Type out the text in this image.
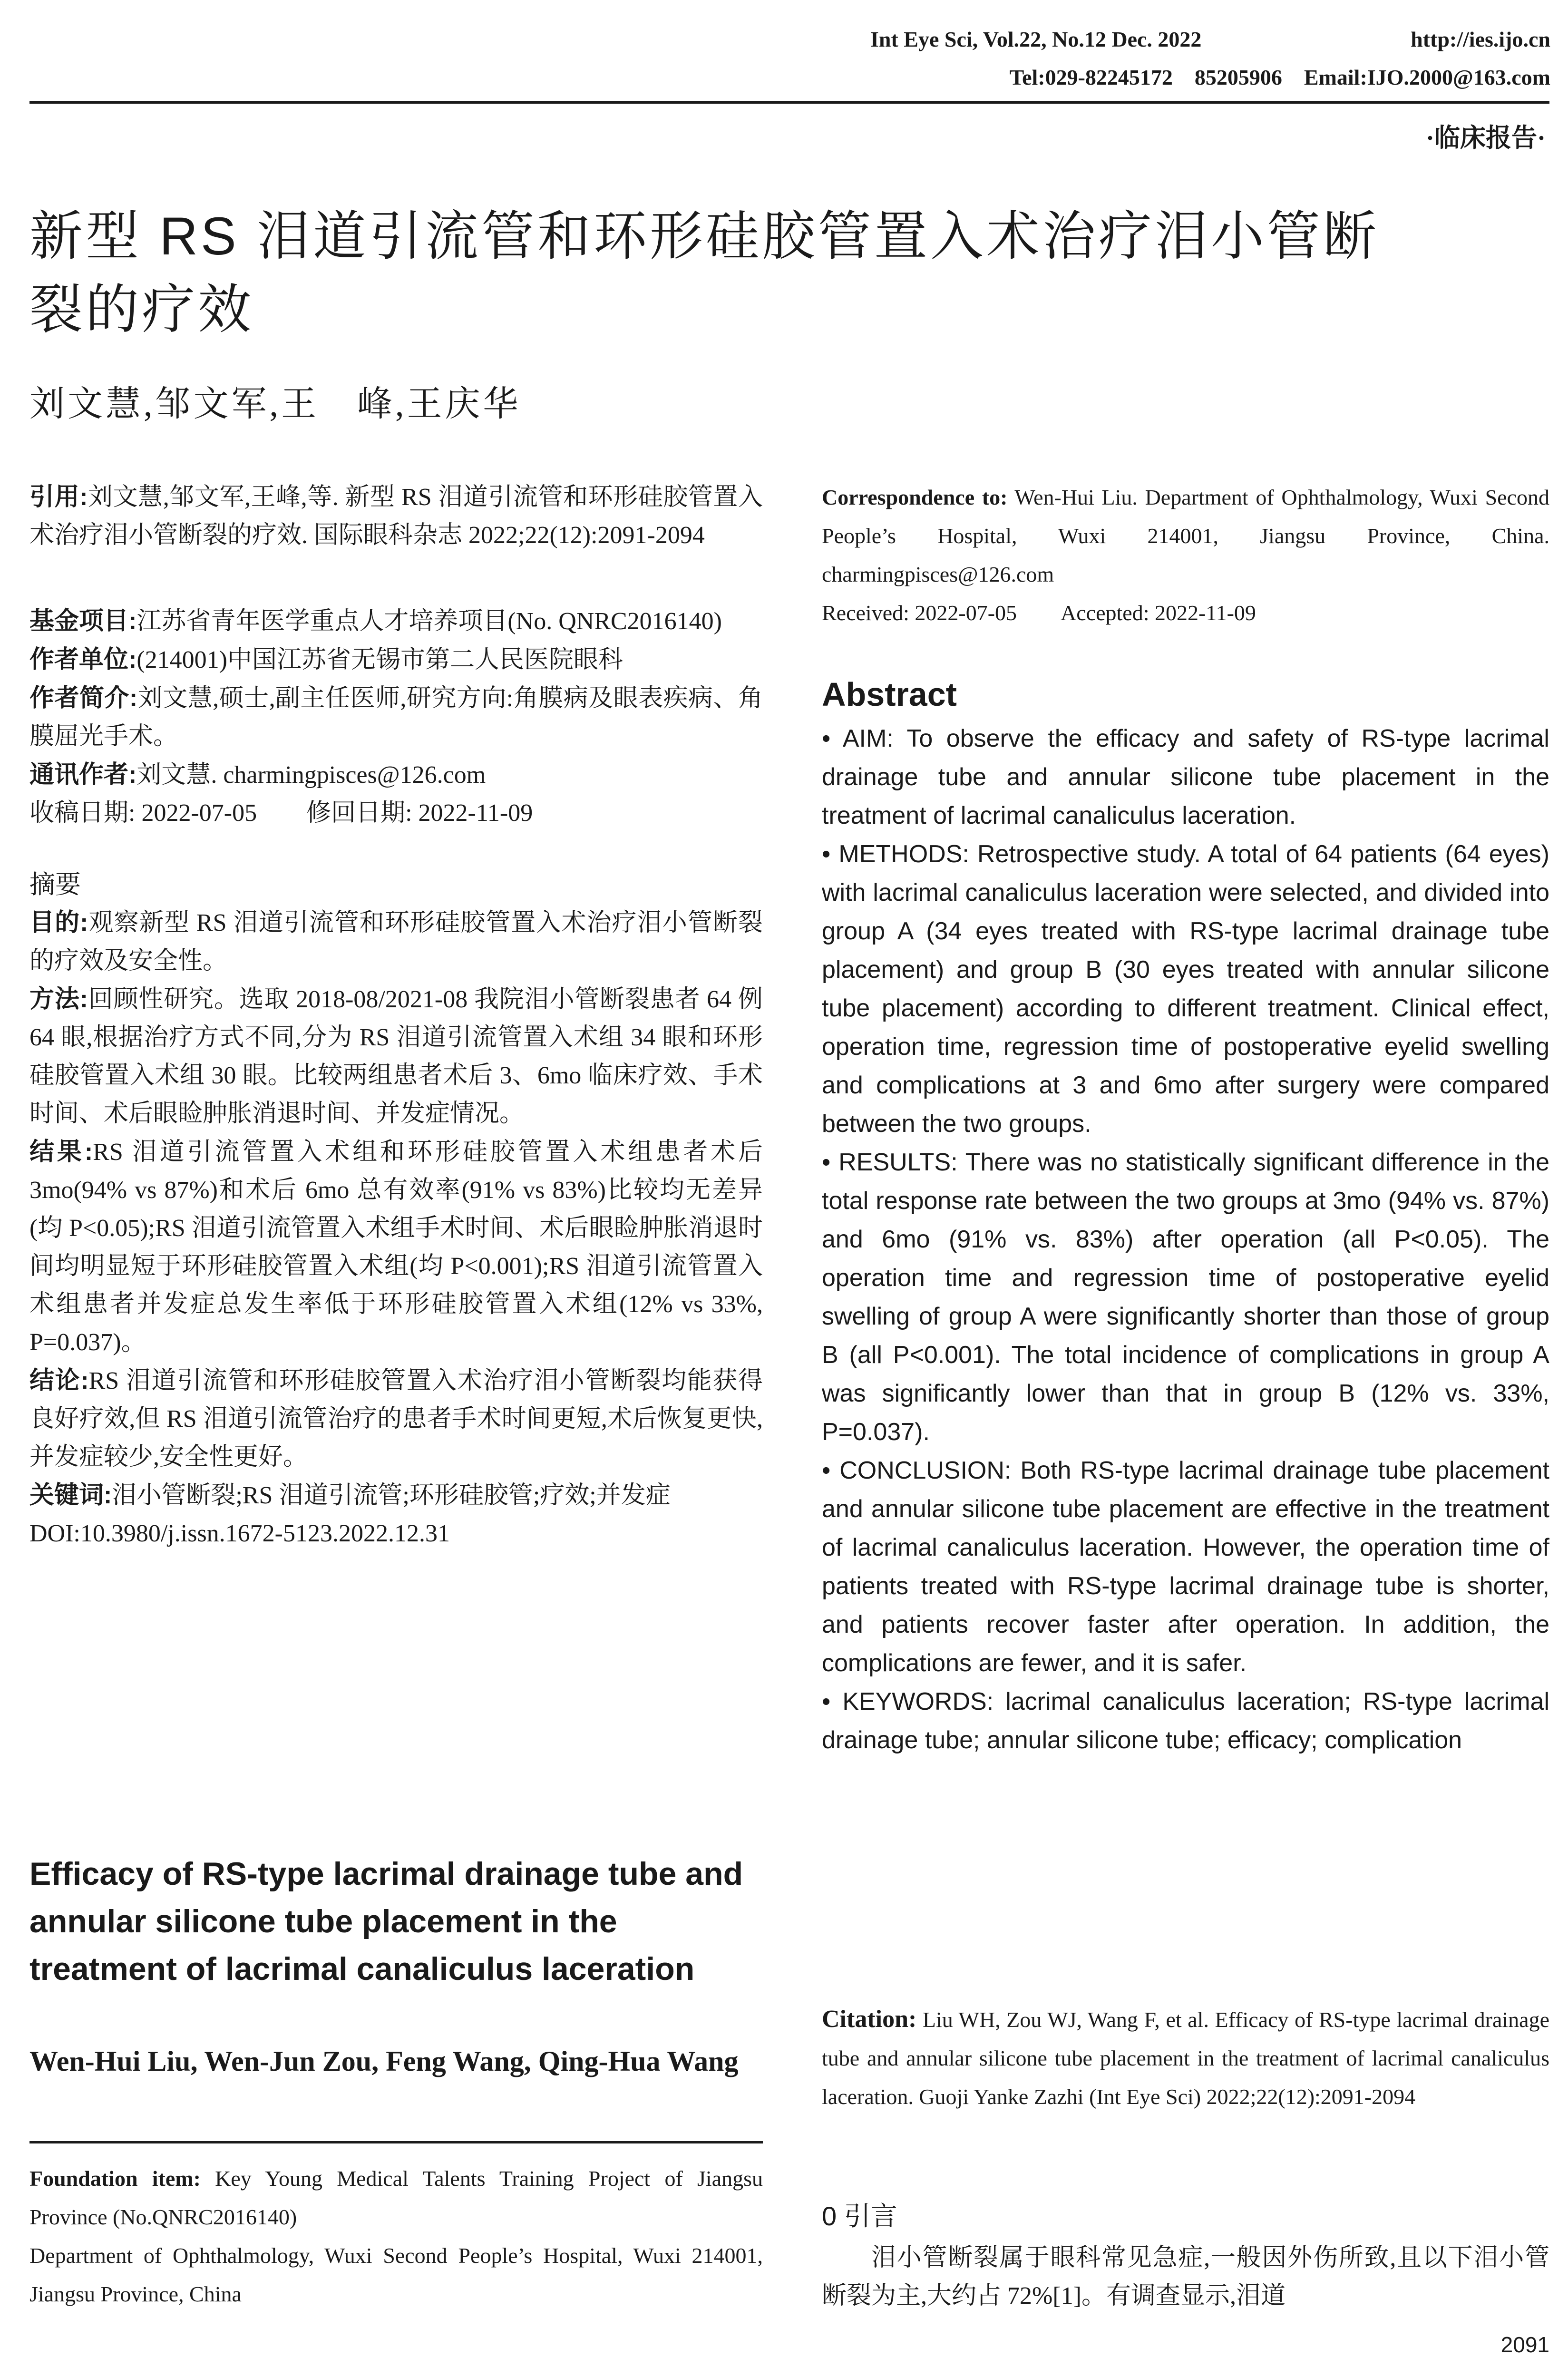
Int Eye Sci, Vol.22, No.12 Dec. 2022	http://ies.ijo.cn
Tel:029-82245172    85205906    Email:IJO.2000@163.com
·临床报告·
新型 RS 泪道引流管和环形硅胶管置入术治疗泪小管断
裂的疗效
刘文慧,邹文军,王　峰,王庆华

引用:刘文慧,邹文军,王峰,等. 新型 RS 泪道引流管和环形硅胶管置入术治疗泪小管断裂的疗效. 国际眼科杂志 2022;22(12):2091-2094

基金项目:江苏省青年医学重点人才培养项目(No. QNRC2016140)

作者单位:(214001)中国江苏省无锡市第二人民医院眼科

作者简介:刘文慧,硕士,副主任医师,研究方向:角膜病及眼表疾病、角膜屈光手术。

通讯作者:刘文慧. charmingpisces@126.com

收稿日期: 2022-07-05　　修回日期: 2022-11-09

摘要

目的:观察新型 RS 泪道引流管和环形硅胶管置入术治疗泪小管断裂的疗效及安全性。

方法:回顾性研究。选取 2018-08/2021-08 我院泪小管断裂患者 64 例 64 眼,根据治疗方式不同,分为 RS 泪道引流管置入术组 34 眼和环形硅胶管置入术组 30 眼。比较两组患者术后 3、6mo 临床疗效、手术时间、术后眼睑肿胀消退时间、并发症情况。

结果:RS 泪道引流管置入术组和环形硅胶管置入术组患者术后 3mo(94% vs 87%)和术后 6mo 总有效率(91% vs 83%)比较均无差异(均 P<0.05);RS 泪道引流管置入术组手术时间、术后眼睑肿胀消退时间均明显短于环形硅胶管置入术组(均 P<0.001);RS 泪道引流管置入术组患者并发症总发生率低于环形硅胶管置入术组(12% vs 33%, P=0.037)。

结论:RS 泪道引流管和环形硅胶管置入术治疗泪小管断裂均能获得良好疗效,但 RS 泪道引流管治疗的患者手术时间更短,术后恢复更快,并发症较少,安全性更好。

关键词:泪小管断裂;RS 泪道引流管;环形硅胶管;疗效;并发症

DOI:10.3980/j.issn.1672-5123.2022.12.31

Efficacy of RS-type lacrimal drainage tube and annular silicone tube placement in the treatment of lacrimal canaliculus laceration
Wen-Hui Liu, Wen-Jun Zou, Feng Wang, Qing-Hua Wang

Foundation item: Key Young Medical Talents Training Project of Jiangsu Province (No.QNRC2016140)

Department of Ophthalmology, Wuxi Second People’s Hospital, Wuxi 214001, Jiangsu Province, China

Correspondence to: Wen-Hui Liu. Department of Ophthalmology, Wuxi Second People’s Hospital, Wuxi 214001, Jiangsu Province, China. charmingpisces@126.com

Received: 2022-07-05　　Accepted: 2022-11-09

Abstract

• AIM: To observe the efficacy and safety of RS-type lacrimal drainage tube and annular silicone tube placement in the treatment of lacrimal canaliculus laceration.

• METHODS: Retrospective study. A total of 64 patients (64 eyes) with lacrimal canaliculus laceration were selected, and divided into group A (34 eyes treated with RS-type lacrimal drainage tube placement) and group B (30 eyes treated with annular silicone tube placement) according to different treatment. Clinical effect, operation time, regression time of postoperative eyelid swelling and complications at 3 and 6mo after surgery were compared between the two groups.

• RESULTS: There was no statistically significant difference in the total response rate between the two groups at 3mo (94% vs. 87%) and 6mo (91% vs. 83%) after operation (all P<0.05). The operation time and regression time of postoperative eyelid swelling of group A were significantly shorter than those of group B (all P<0.001). The total incidence of complications in group A was significantly lower than that in group B (12% vs. 33%, P=0.037).

• CONCLUSION: Both RS-type lacrimal drainage tube placement and annular silicone tube placement are effective in the treatment of lacrimal canaliculus laceration. However, the operation time of patients treated with RS-type lacrimal drainage tube is shorter, and patients recover faster after operation. In addition, the complications are fewer, and it is safer.

• KEYWORDS: lacrimal canaliculus laceration; RS-type lacrimal drainage tube; annular silicone tube; efficacy; complication

Citation: Liu WH, Zou WJ, Wang F, et al. Efficacy of RS-type lacrimal drainage tube and annular silicone tube placement in the treatment of lacrimal canaliculus laceration. Guoji Yanke Zazhi (Int Eye Sci) 2022;22(12):2091-2094
0 引言
泪小管断裂属于眼科常见急症,一般因外伤所致,且以下泪小管断裂为主,大约占 72%[1]。有调查显示,泪道
2091
